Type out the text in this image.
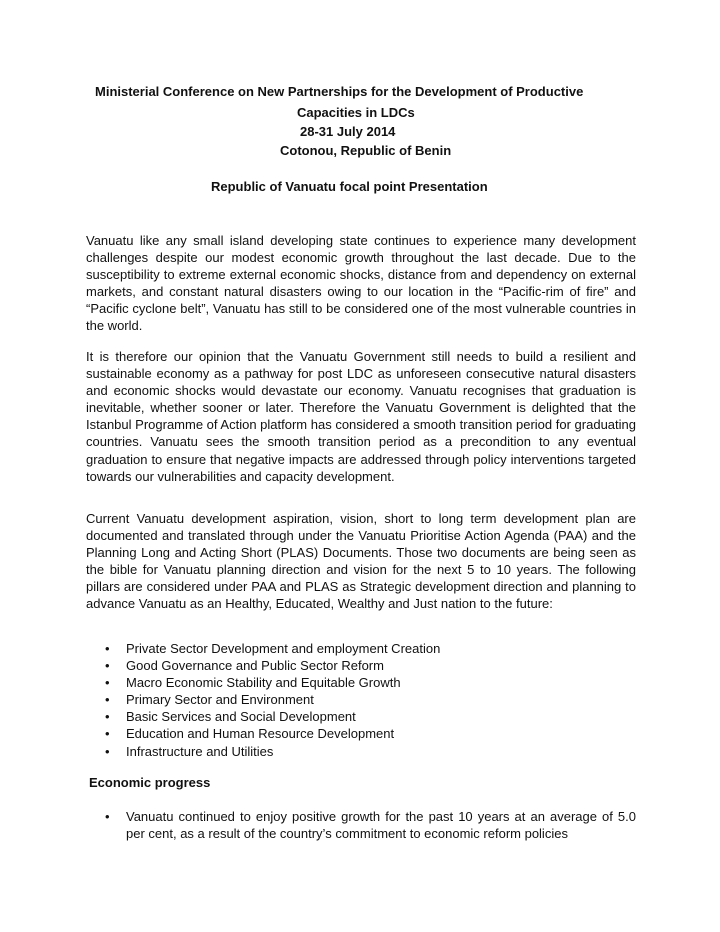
Ministerial Conference on New Partnerships for the Development of Productive
Capacities in LDCs
28-31 July 2014
Cotonou, Republic of Benin
Republic of Vanuatu focal point Presentation

Vanuatu like any small island developing state continues to experience many development challenges despite our modest economic growth throughout the last decade. Due to the susceptibility to extreme external economic shocks, distance from and dependency on external markets, and constant natural disasters owing to our location in the “Pacific-rim of fire” and “Pacific cyclone belt”, Vanuatu has still to be considered one of the most vulnerable countries in the world.

It is therefore our opinion that the Vanuatu Government still needs to build a resilient and sustainable economy as a pathway for post LDC as unforeseen consecutive natural disasters and economic shocks would devastate our economy. Vanuatu recognises that graduation is inevitable, whether sooner or later. Therefore the Vanuatu Government is delighted that the Istanbul Programme of Action platform has considered a smooth transition period for graduating countries. Vanuatu sees the smooth transition period as a precondition to any eventual graduation to ensure that negative impacts are addressed through policy interventions targeted towards our vulnerabilities and capacity development.

Current Vanuatu development aspiration, vision, short to long term development plan are documented and translated through under the Vanuatu Prioritise Action Agenda (PAA) and the Planning Long and Acting Short (PLAS) Documents. Those two documents are being seen as the bible for Vanuatu planning direction and vision for the next 5 to 10 years. The following pillars are considered under PAA and PLAS as Strategic development direction and planning to advance Vanuatu as an Healthy, Educated, Wealthy and Just nation to the future:

• Private Sector Development and employment Creation
• Good Governance and Public Sector Reform
• Macro Economic Stability and Equitable Growth
• Primary Sector and Environment
• Basic Services and Social Development
• Education and Human Resource Development
• Infrastructure and Utilities
Economic progress
• Vanuatu continued to enjoy positive growth for the past 10 years at an average of 5.0 per cent, as a result of the country’s commitment to economic reform policies
